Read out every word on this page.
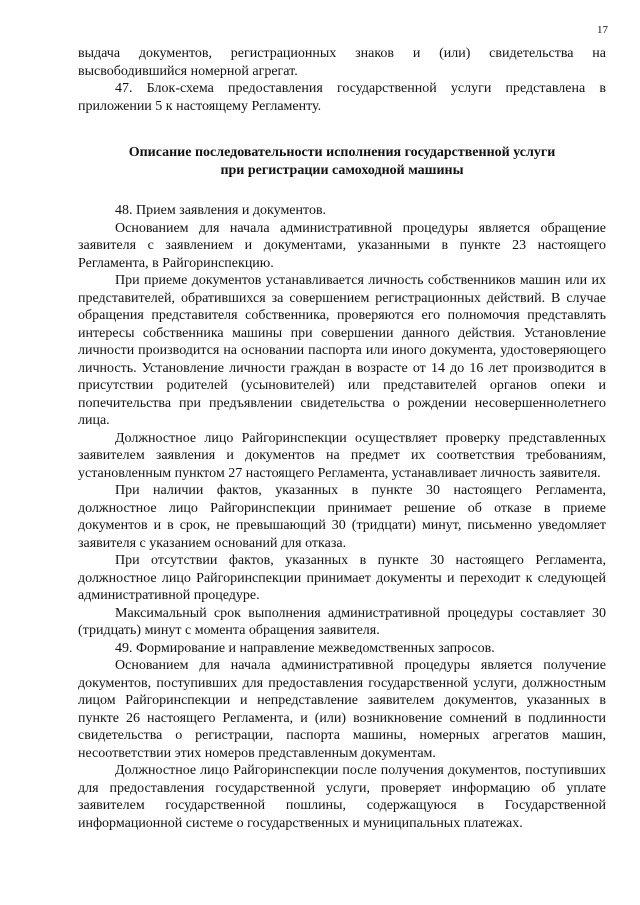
17

выдача документов, регистрационных знаков и (или) свидетельства на высвободившийся номерной агрегат.

47. Блок-схема предоставления государственной услуги представлена в приложении 5 к настоящему Регламенту.

Описание последовательности исполнения государственной услуги
при регистрации самоходной машины

48. Прием заявления и документов.

Основанием для начала административной процедуры является обращение заявителя с заявлением и документами, указанными в пункте 23 настоящего Регламента, в Райгоринспекцию.

При приеме документов устанавливается личность собственников машин или их представителей, обратившихся за совершением регистрационных действий. В случае обращения представителя собственника, проверяются его полномочия представлять интересы собственника машины при совершении данного действия. Установление личности производится на основании паспорта или иного документа, удостоверяющего личность. Установление личности граждан в возрасте от 14 до 16 лет производится в присутствии родителей (усыновителей) или представителей органов опеки и попечительства при предъявлении свидетельства о рождении несовершеннолетнего лица.

Должностное лицо Райгоринспекции осуществляет проверку представленных заявителем заявления и документов на предмет их соответствия требованиям, установленным пунктом 27 настоящего Регламента, устанавливает личность заявителя.

При наличии фактов, указанных в пункте 30 настоящего Регламента, должностное лицо Райгоринспекции принимает решение об отказе в приеме документов и в срок, не превышающий 30 (тридцати) минут, письменно уведомляет заявителя с указанием оснований для отказа.

При отсутствии фактов, указанных в пункте 30 настоящего Регламента, должностное лицо Райгоринспекции принимает документы и переходит к следующей административной процедуре.

Максимальный срок выполнения административной процедуры составляет 30 (тридцать) минут с момента обращения заявителя.

49. Формирование и направление межведомственных запросов.

Основанием для начала административной процедуры является получение документов, поступивших для предоставления государственной услуги, должностным лицом Райгоринспекции и непредставление заявителем документов, указанных в пункте 26 настоящего Регламента, и (или) возникновение сомнений в подлинности свидетельства о регистрации, паспорта машины, номерных агрегатов машин, несоответствии этих номеров представленным документам.

Должностное лицо Райгоринспекции после получения документов, поступивших для предоставления государственной услуги, проверяет информацию об уплате заявителем государственной пошлины, содержащуюся в Государственной информационной системе о государственных и муниципальных платежах.
